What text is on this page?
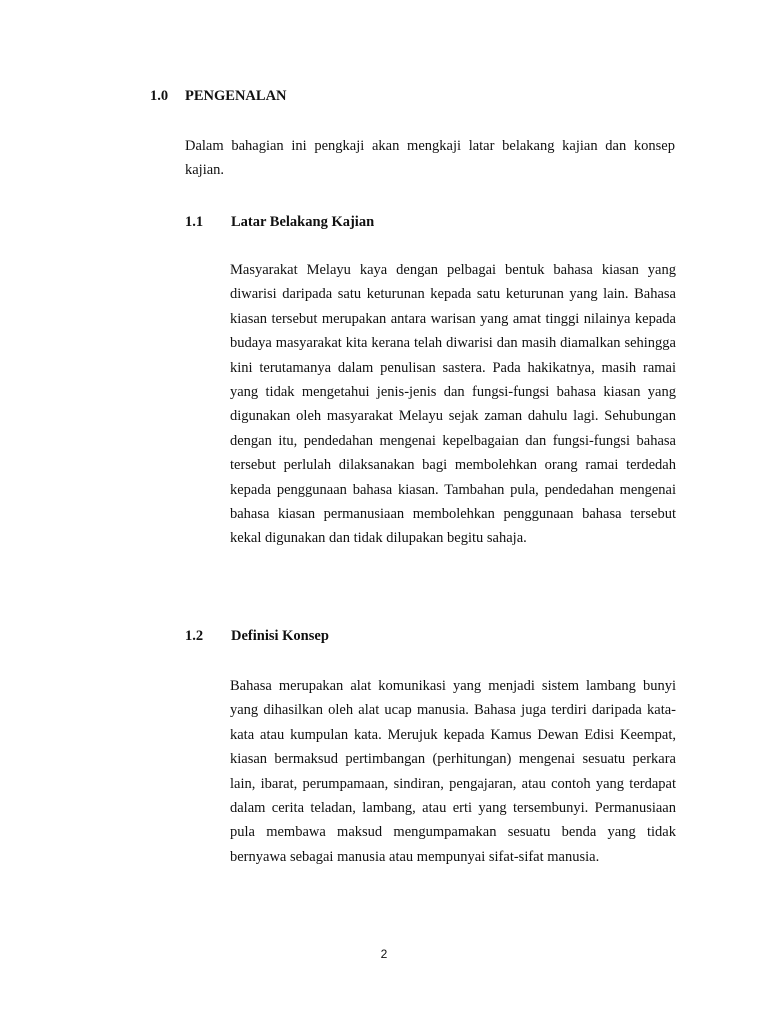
1.0 PENGENALAN

Dalam bahagian ini pengkaji akan mengkaji latar belakang kajian dan konsep kajian.

1.1 Latar Belakang Kajian

Masyarakat Melayu kaya dengan pelbagai bentuk bahasa kiasan yang diwarisi daripada satu keturunan kepada satu keturunan yang lain. Bahasa kiasan tersebut merupakan antara warisan yang amat tinggi nilainya kepada budaya masyarakat kita kerana telah diwarisi dan masih diamalkan sehingga kini terutamanya dalam penulisan sastera. Pada hakikatnya, masih ramai yang tidak mengetahui jenis-jenis dan fungsi-fungsi bahasa kiasan yang digunakan oleh masyarakat Melayu sejak zaman dahulu lagi. Sehubungan dengan itu, pendedahan mengenai kepelbagaian dan fungsi-fungsi bahasa tersebut perlulah dilaksanakan bagi membolehkan orang ramai terdedah kepada penggunaan bahasa kiasan. Tambahan pula, pendedahan mengenai bahasa kiasan permanusiaan membolehkan penggunaan bahasa tersebut kekal digunakan dan tidak dilupakan begitu sahaja.

1.2 Definisi Konsep

Bahasa merupakan alat komunikasi yang menjadi sistem lambang bunyi yang dihasilkan oleh alat ucap manusia. Bahasa juga terdiri daripada kata-kata atau kumpulan kata. Merujuk kepada Kamus Dewan Edisi Keempat, kiasan bermaksud pertimbangan (perhitungan) mengenai sesuatu perkara lain, ibarat, perumpamaan, sindiran, pengajaran, atau contoh yang terdapat dalam cerita teladan, lambang, atau erti yang tersembunyi. Permanusiaan pula membawa maksud mengumpamakan sesuatu benda yang tidak bernyawa sebagai manusia atau mempunyai sifat-sifat manusia.

2
